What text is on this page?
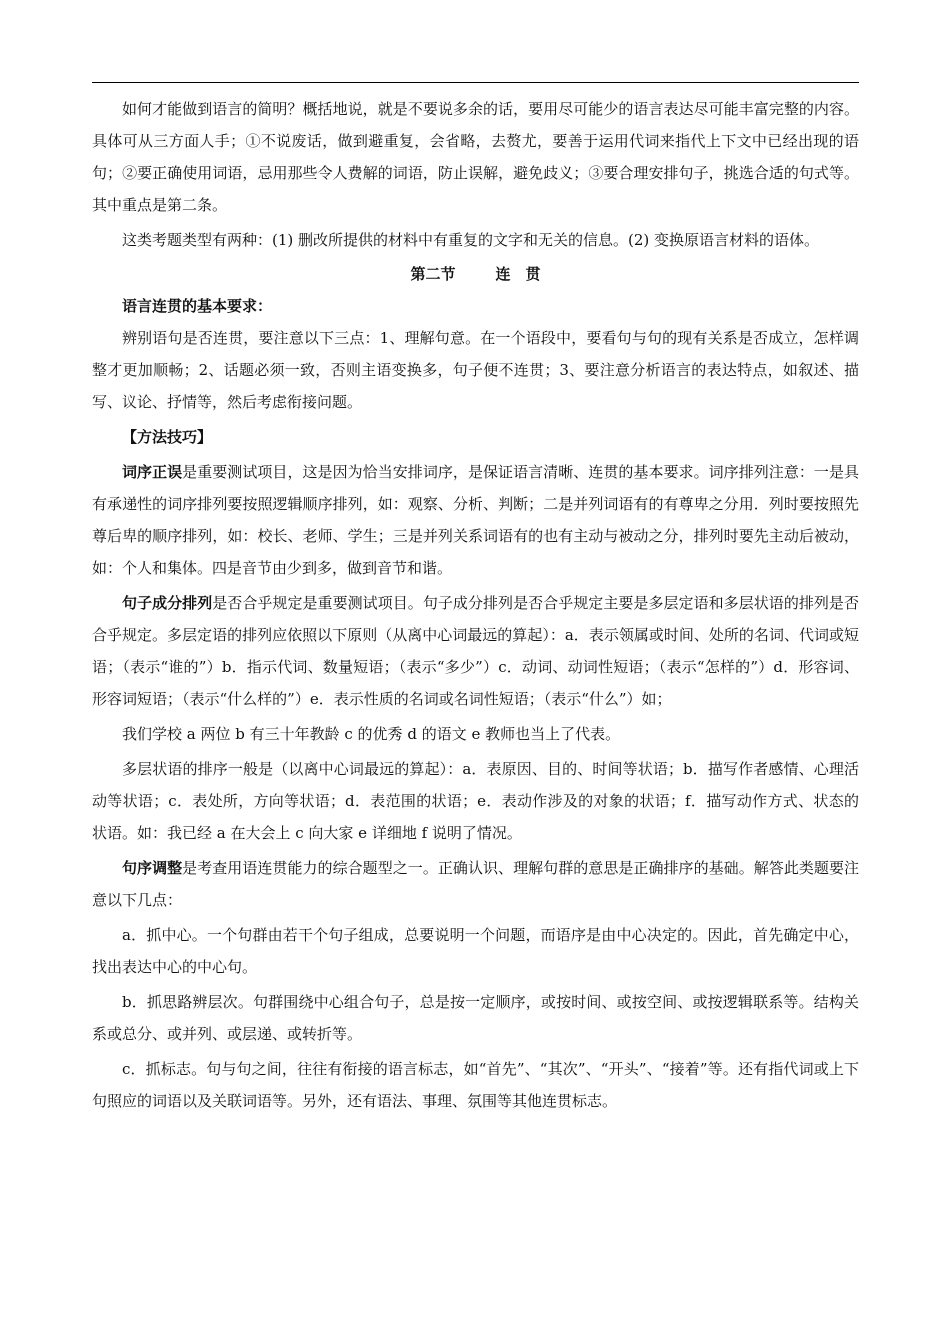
如何才能做到语言的简明？概括地说，就是不要说多余的话，要用尽可能少的语言表达尽可能丰富完整的内容。具体可从三方面人手；①不说废话，做到避重复，会省略，去赘尤，要善于运用代词来指代上下文中已经出现的语句；②要正确使用词语，忌用那些令人费解的词语，防止误解，避免歧义；③要合理安排句子，挑选合适的句式等。其中重点是第二条。

这类考题类型有两种：(1) 删改所提供的材料中有重复的文字和无关的信息。(2) 变换原语言材料的语体。

第二节	连　贯

语言连贯的基本要求：

辨别语句是否连贯，要注意以下三点：1、理解句意。在一个语段中，要看句与句的现有关系是否成立，怎样调整才更加顺畅；2、话题必须一致，否则主语变换多，句子便不连贯；3、要注意分析语言的表达特点，如叙述、描写、议论、抒情等，然后考虑衔接问题。

【方法技巧】

词序正误是重要测试项目，这是因为恰当安排词序，是保证语言清晰、连贯的基本要求。词序排列注意：一是具有承递性的词序排列要按照逻辑顺序排列，如：观察、分析、判断；二是并列词语有的有尊卑之分用．列时要按照先尊后卑的顺序排列，如：校长、老师、学生；三是并列关系词语有的也有主动与被动之分，排列时要先主动后被动，如：个人和集体。四是音节由少到多，做到音节和谐。

句子成分排列是否合乎规定是重要测试项目。句子成分排列是否合乎规定主要是多层定语和多层状语的排列是否合乎规定。多层定语的排列应依照以下原则（从离中心词最远的算起）：a．表示领属或时间、处所的名词、代词或短语；（表示“谁的”）b．指示代词、数量短语；（表示“多少”）c．动词、动词性短语；（表示“怎样的”）d．形容词、形容词短语；（表示“什么样的”）e．表示性质的名词或名词性短语；（表示“什么”）如；

我们学校 a 两位 b 有三十年教龄 c 的优秀 d 的语文 e 教师也当上了代表。

多层状语的排序一般是（以离中心词最远的算起）：a．表原因、目的、时间等状语；b．描写作者感情、心理活动等状语；c．表处所，方向等状语；d．表范围的状语；e．表动作涉及的对象的状语；f．描写动作方式、状态的状语。如：我已经 a 在大会上 c 向大家 e 详细地 f 说明了情况。

句序调整是考查用语连贯能力的综合题型之一。正确认识、理解句群的意思是正确排序的基础。解答此类题要注意以下几点：

a．抓中心。一个句群由若干个句子组成，总要说明一个问题，而语序是由中心决定的。因此，首先确定中心，找出表达中心的中心句。

b．抓思路辨层次。句群围绕中心组合句子，总是按一定顺序，或按时间、或按空间、或按逻辑联系等。结构关系或总分、或并列、或层递、或转折等。

c．抓标志。句与句之间，往往有衔接的语言标志，如“首先”、“其次”、“开头”、“接着”等。还有指代词或上下句照应的词语以及关联词语等。另外，还有语法、事理、氛围等其他连贯标志。
